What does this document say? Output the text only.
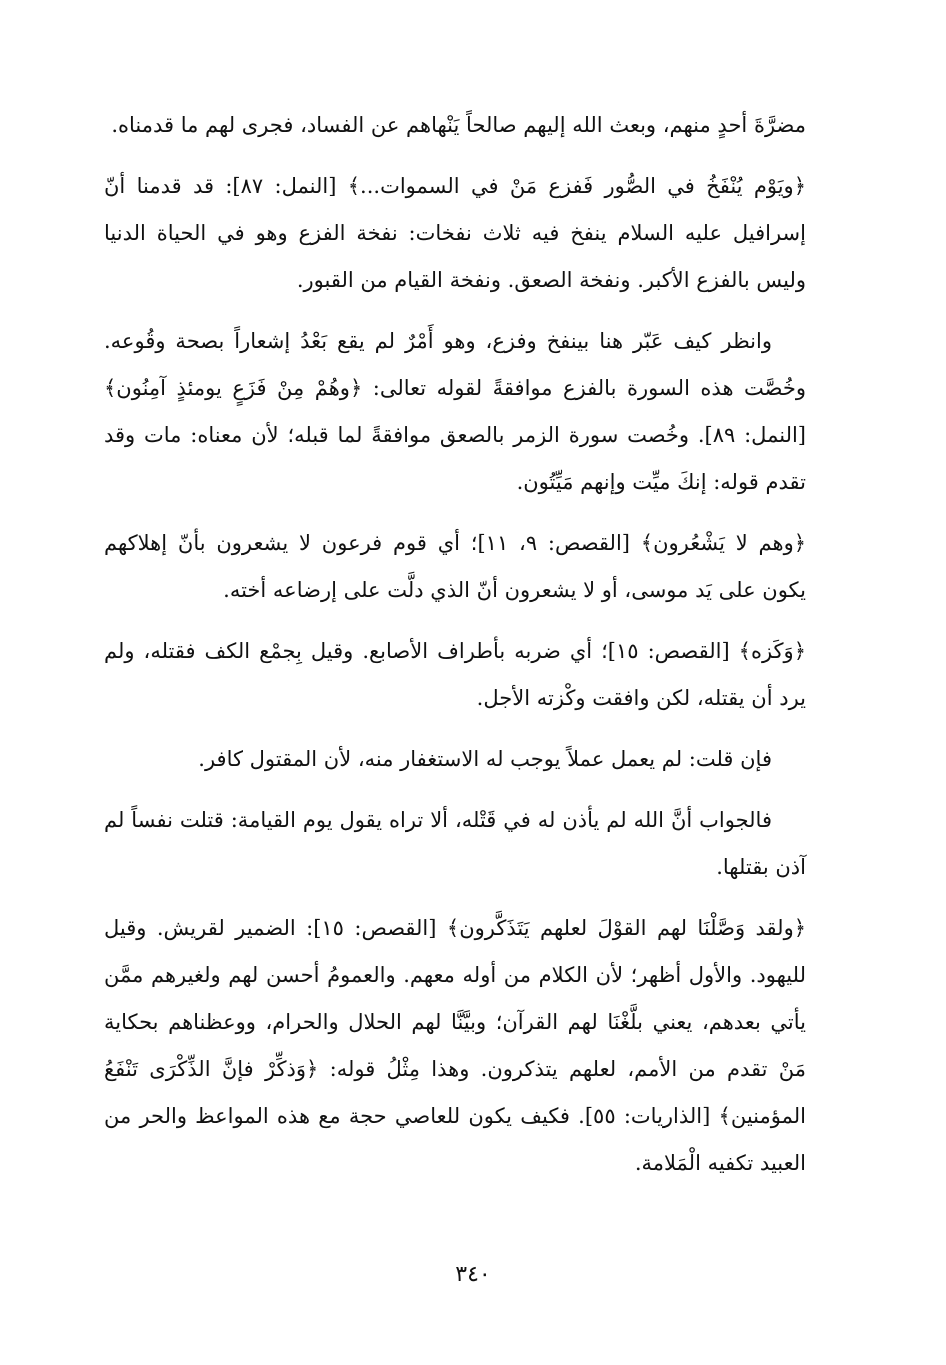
مضرَّةَ أحدٍ منهم، وبعث الله إليهم صالحاً يَنْهاهم عن الفساد، فجرى لهم ما قدمناه.

﴿ويَوْم يُنْفَخُ في الصُّور فَفزع مَنْ في السموات...﴾ [النمل: ٨٧]: قد قدمنا أنّ إسرافيل عليه السلام ينفخ فيه ثلاث نفخات: نفخة الفزع وهو في الحياة الدنيا وليس بالفزع الأكبر. ونفخة الصعق. ونفخة القيام من القبور.

وانظر كيف عَبّر هنا بينفخ وفزع، وهو أَمْرٌ لم يقع بَعْدُ إشعاراً بصحة وقُوعه. وخُصَّت هذه السورة بالفزع موافقةً لقوله تعالى: ﴿وهُمْ مِنْ فَزَعٍ يومئذٍ آمِنُون﴾ [النمل: ٨٩]. وخُصت سورة الزمر بالصعق موافقةً لما قبله؛ لأن معناه: مات وقد تقدم قوله: إنكَ ميِّت وإنهم مَيِّتُون.

﴿وهم لا يَشْعُرون﴾ [القصص: ٩، ١١]؛ أي قوم فرعون لا يشعرون بأنّ إهلاكهم يكون على يَد موسى، أو لا يشعرون أنّ الذي دلَّت على إرضاعه أخته.

﴿وَكَزه﴾ [القصص: ١٥]؛ أي ضربه بأطراف الأصابع. وقيل بِجمْع الكف فقتله، ولم يرد أن يقتله، لكن وافقت وكْزته الأجل.

فإن قلت: لم يعمل عملاً يوجب له الاستغفار منه، لأن المقتول كافر.

فالجواب أنَّ الله لم يأذن له في قَتْله، ألا تراه يقول يوم القيامة: قتلت نفساً لم آذن بقتلها.

﴿ولقد وَصَّلْنَا لهم القوْلَ لعلهم يَتَذَكَّرون﴾ [القصص: ١٥]: الضمير لقريش. وقيل لليهود. والأول أظهر؛ لأن الكلام من أوله معهم. والعمومُ أحسن لهم ولغيرهم ممَّن يأتي بعدهم، يعني بلَّغْنَا لهم القرآن؛ وبيَّنَّا لهم الحلال والحرام، ووعظناهم بحكاية مَنْ تقدم من الأمم، لعلهم يتذكرون. وهذا مِثْلُ قوله: ﴿وَذكِّرْ فإنَّ الذِّكْرَى تَنْفَعُ المؤمنين﴾ [الذاريات: ٥٥]. فكيف يكون للعاصي حجة مع هذه المواعظ والحر من العبيد تكفيه الْمَلامة.

٣٤٠
